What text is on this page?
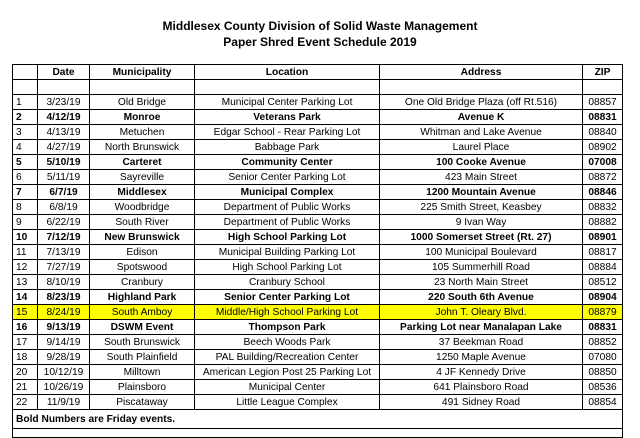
Middlesex County Division of Solid Waste Management
Paper Shred Event Schedule 2019
	Date	Municipality	Location	Address	ZIP

1	3/23/19	Old Bridge	Municipal Center Parking Lot	One Old Bridge Plaza (off Rt.516)	08857
2	4/12/19	Monroe	Veterans Park	Avenue K	08831
3	4/13/19	Metuchen	Edgar School - Rear Parking Lot	Whitman and Lake Avenue	08840
4	4/27/19	North Brunswick	Babbage Park	Laurel Place	08902
5	5/10/19	Carteret	Community Center	100 Cooke Avenue	07008
6	5/11/19	Sayreville	Senior Center Parking Lot	423 Main Street	08872
7	6/7/19	Middlesex	Municipal Complex	1200 Mountain Avenue	08846
8	6/8/19	Woodbridge	Department of Public Works	225 Smith Street, Keasbey	08832
9	6/22/19	South River	Department of Public Works	9 Ivan Way	08882
10	7/12/19	New Brunswick	High School Parking Lot	1000 Somerset Street (Rt. 27)	08901
11	7/13/19	Edison	Municipal Building Parking Lot	100 Municipal Boulevard	08817
12	7/27/19	Spotswood	High School Parking Lot	105 Summerhill Road	08884
13	8/10/19	Cranbury	Cranbury School	23 North Main Street	08512
14	8/23/19	Highland Park	Senior Center Parking Lot	220 South 6th Avenue	08904
15	8/24/19	South Amboy	Middle/High School Parking Lot	John T. Oleary Blvd.	08879
16	9/13/19	DSWM Event	Thompson Park	Parking Lot near Manalapan Lake	08831
17	9/14/19	South Brunswick	Beech Woods Park	37 Beekman Road	08852
18	9/28/19	South Plainfield	PAL Building/Recreation Center	1250 Maple Avenue	07080
20	10/12/19	Milltown	American Legion Post 25 Parking Lot	4 JF Kennedy Drive	08850
21	10/26/19	Plainsboro	Municipal Center	641 Plainsboro Road	08536
22	11/9/19	Piscataway	Little League Complex	491 Sidney Road	08854
Bold Numbers are Friday events.					
